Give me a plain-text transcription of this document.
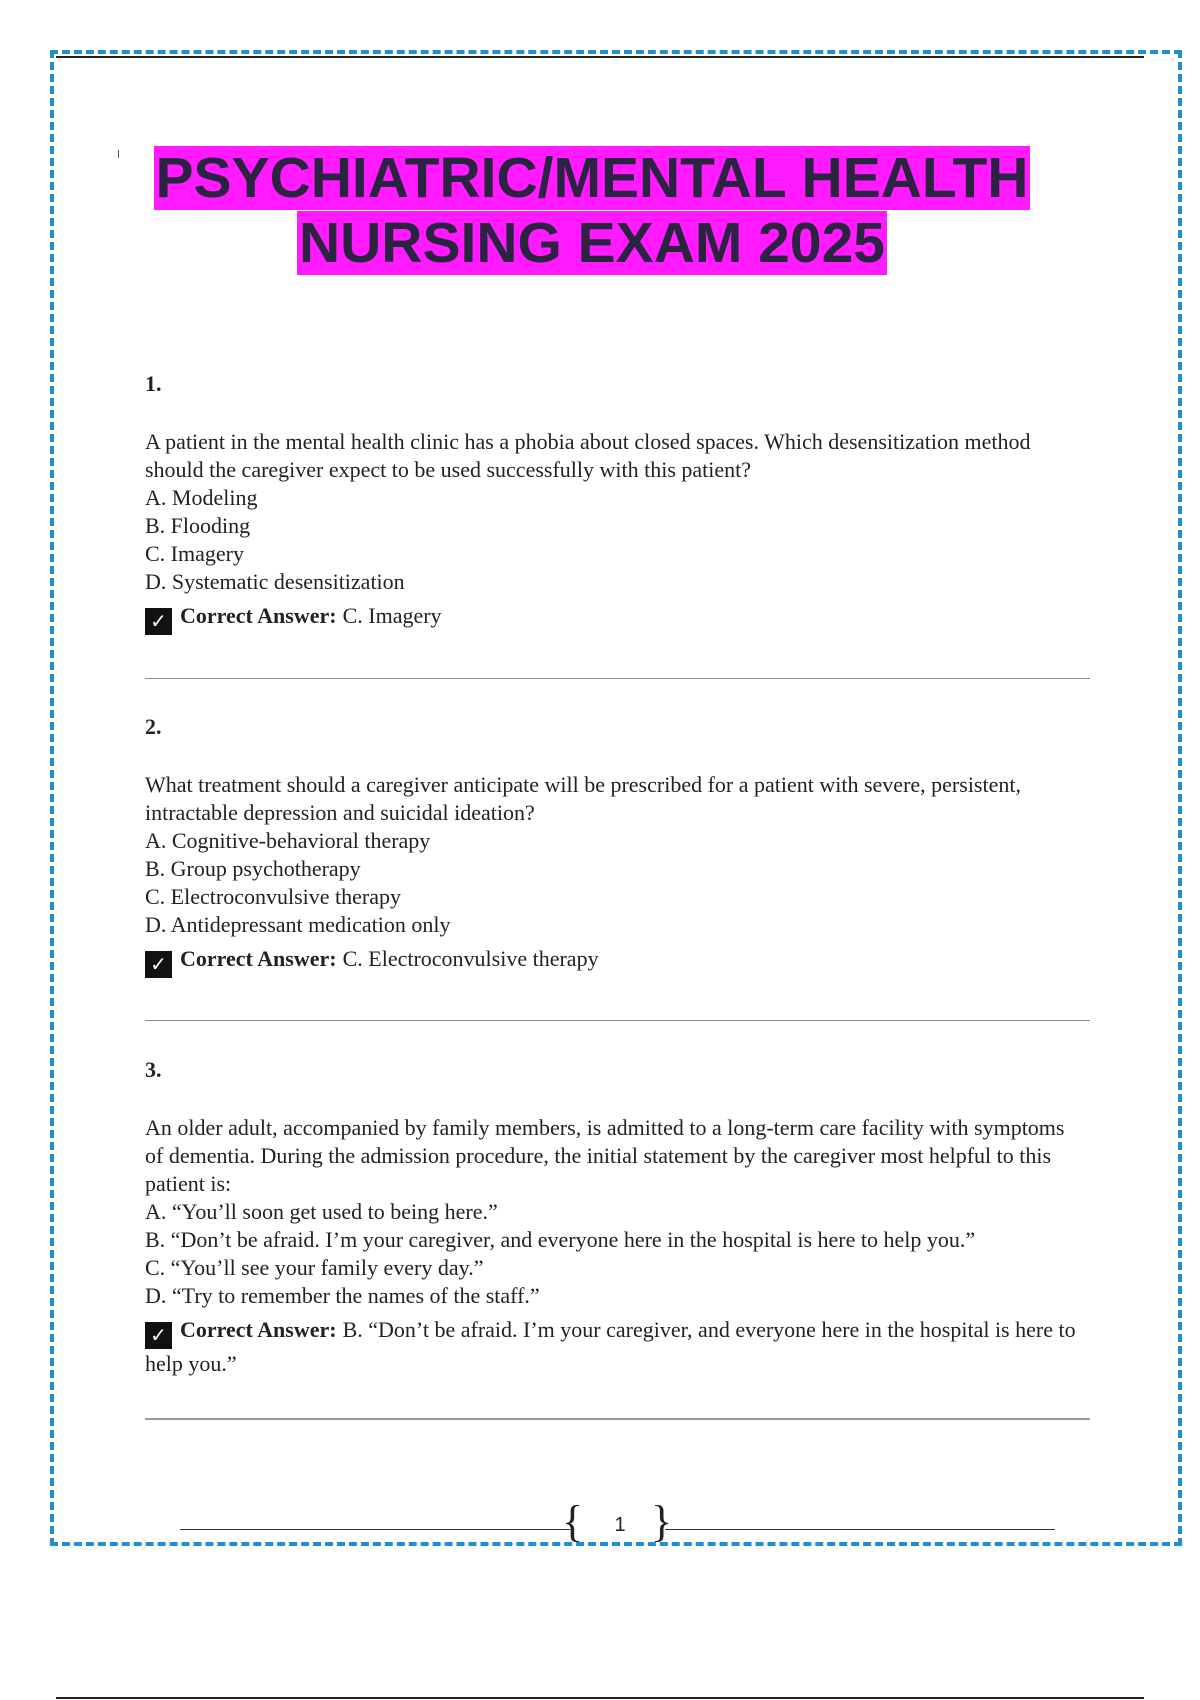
PSYCHIATRIC/MENTAL HEALTH
NURSING EXAM 2025
1.

A patient in the mental health clinic has a phobia about closed spaces. Which desensitization method should the caregiver expect to be used successfully with this patient?

A. Modeling

B. Flooding

C. Imagery

D. Systematic desensitization

✓ Correct Answer: C. Imagery
2.

What treatment should a caregiver anticipate will be prescribed for a patient with severe, persistent, intractable depression and suicidal ideation?

A. Cognitive-behavioral therapy

B. Group psychotherapy

C. Electroconvulsive therapy

D. Antidepressant medication only

✓ Correct Answer: C. Electroconvulsive therapy
3.

An older adult, accompanied by family members, is admitted to a long-term care facility with symptoms of dementia. During the admission procedure, the initial statement by the caregiver most helpful to this patient is:

A. “You’ll soon get used to being here.”

B. “Don’t be afraid. I’m your caregiver, and everyone here in the hospital is here to help you.”

C. “You’ll see your family every day.”

D. “Try to remember the names of the staff.”

✓ Correct Answer: B. “Don’t be afraid. I’m your caregiver, and everyone here in the hospital is here to help you.”
{	1 }
